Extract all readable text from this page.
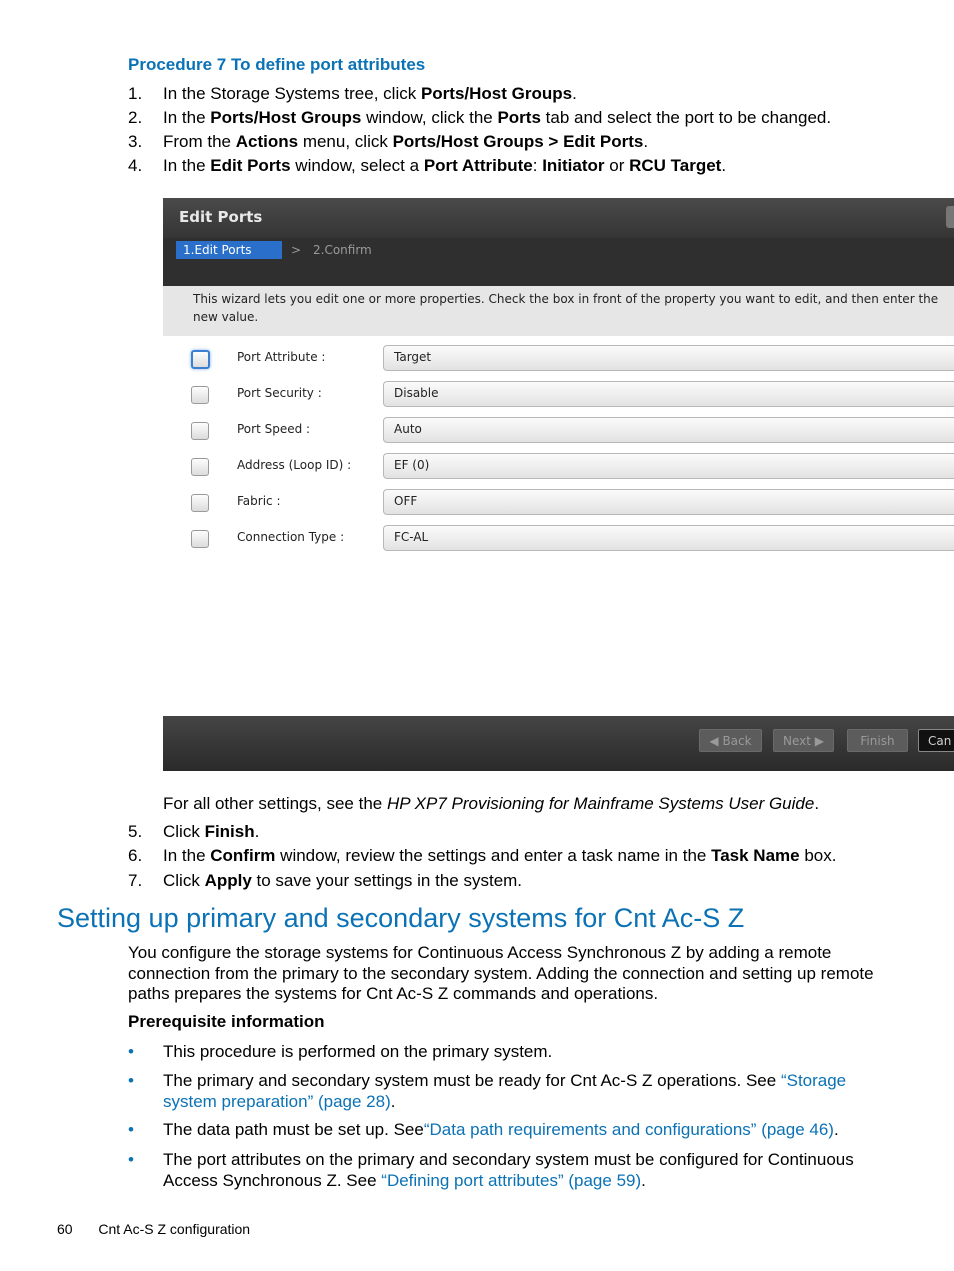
Procedure 7 To define port attributes
1.	In the Storage Systems tree, click Ports/Host Groups.
2.	In the Ports/Host Groups window, click the Ports tab and select the port to be changed.
3.	From the Actions menu, click Ports/Host Groups > Edit Ports.
4.	In the Edit Ports window, select a Port Attribute: Initiator or RCU Target.
Edit Ports
1.Edit Ports	> 2.Confirm
This wizard lets you edit one or more properties. Check the box in front of the property you want to edit, and then enter the new value.
Port Attribute :	Target
Port Security :	Disable
Port Speed :	Auto
Address (Loop ID) :	EF (0)
Fabric :	OFF
Connection Type :	FC-AL
◀ Back	Next ▶	Finish	Can
For all other settings, see the HP XP7 Provisioning for Mainframe Systems User Guide.
5.	Click Finish.
6.	In the Confirm window, review the settings and enter a task name in the Task Name box.
7.	Click Apply to save your settings in the system.
Setting up primary and secondary systems for Cnt Ac-S Z
You configure the storage systems for Continuous Access Synchronous Z by adding a remote
connection from the primary to the secondary system. Adding the connection and setting up remote
paths prepares the systems for Cnt Ac-S Z commands and operations.
Prerequisite information
• This procedure is performed on the primary system.
• The primary and secondary system must be ready for Cnt Ac-S Z operations. See “Storage
system preparation” (page 28).
• The data path must be set up. See“Data path requirements and configurations” (page 46).
• The port attributes on the primary and secondary system must be configured for Continuous
Access Synchronous Z. See “Defining port attributes” (page 59).
60 Cnt Ac-S Z configuration
